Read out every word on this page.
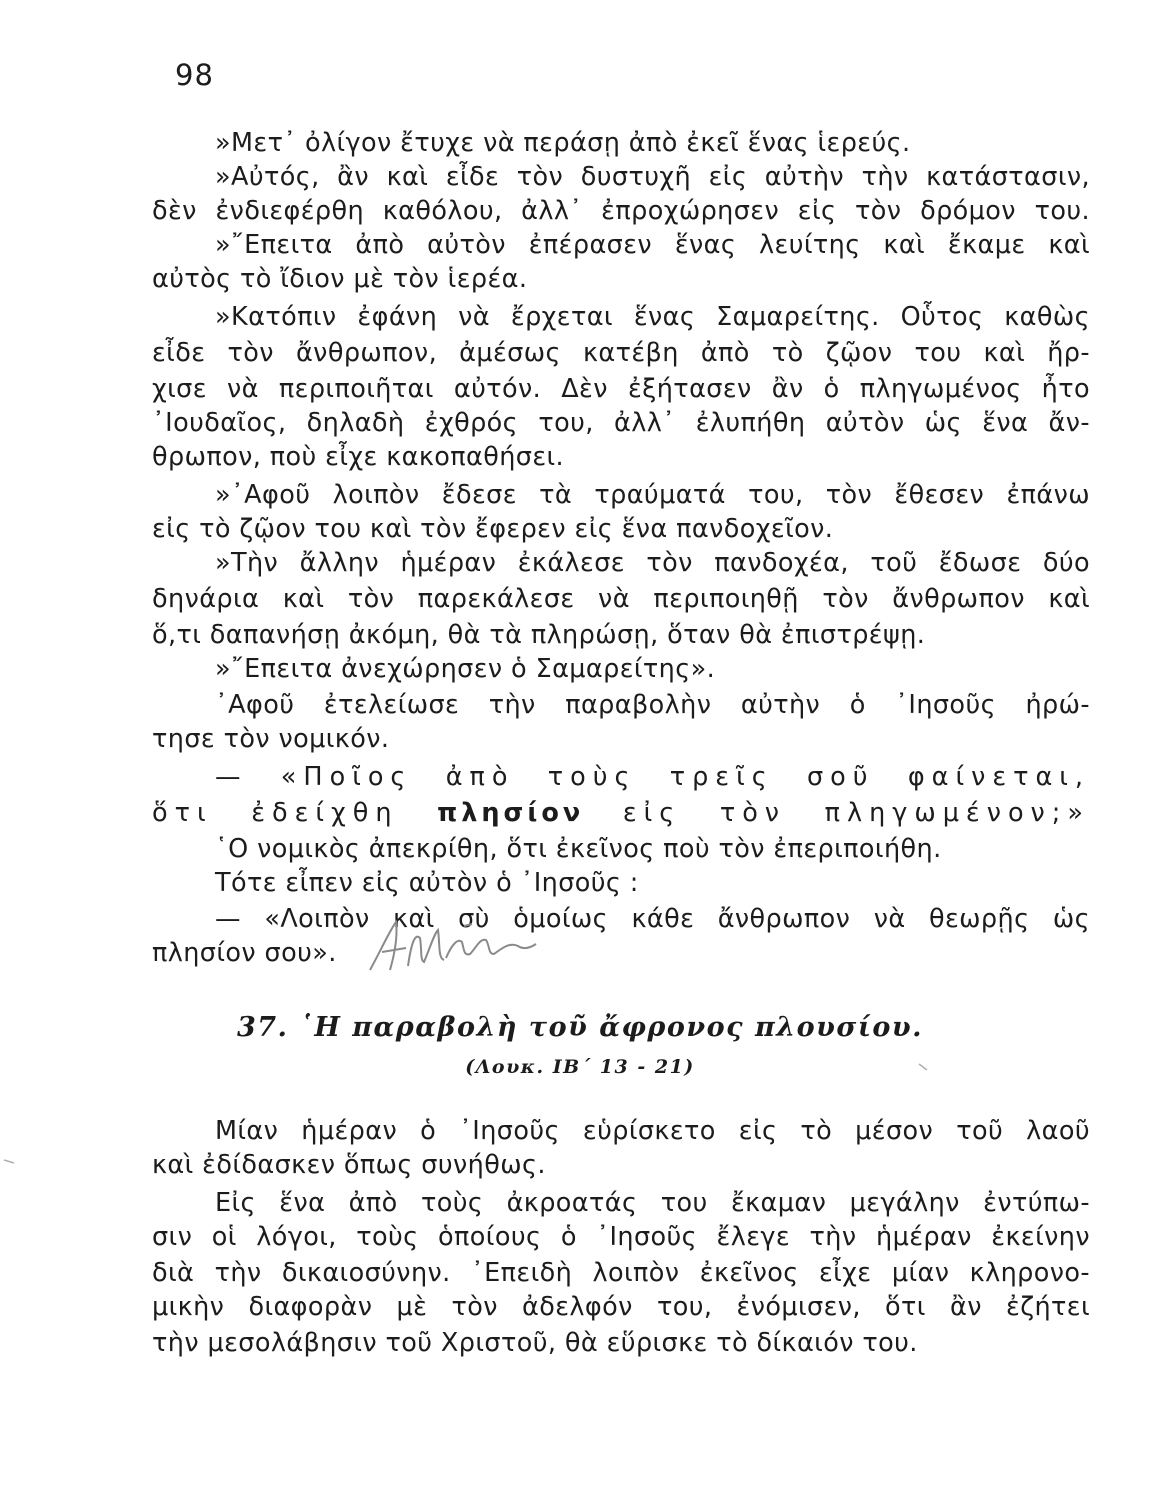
98
»Μετ᾽ ὀλίγον ἔτυχε νὰ περάσῃ ἀπὸ ἐκεῖ ἕνας ἱερεύς.
»Αὐτός, ἂν καὶ εἶδε τὸν δυστυχῆ εἰς αὐτὴν τὴν κατάστασιν,
δὲν ἐνδιεφέρθη καθόλου, ἀλλ᾽ ἐπροχώρησεν εἰς τὸν δρόμον του.
»῎Επειτα ἀπὸ αὐτὸν ἐπέρασεν ἕνας λευίτης καὶ ἔκαμε καὶ
αὐτὸς τὸ ἴδιον μὲ τὸν ἱερέα.
»Κατόπιν ἐφάνη νὰ ἔρχεται ἕνας Σαμαρείτης. Οὗτος καθὼς
εἶδε τὸν ἄνθρωπον, ἀμέσως κατέβη ἀπὸ τὸ ζῷον του καὶ ἤρ-
χισε νὰ περιποιῆται αὐτόν. Δὲν ἐξήτασεν ἂν ὁ πληγωμένος ἦτο
᾽Ιουδαῖος, δηλαδὴ ἐχθρός του, ἀλλ᾽ ἐλυπήθη αὐτὸν ὡς ἕνα ἄν-
θρωπον, ποὺ εἶχε κακοπαθήσει.
»᾽Αφοῦ λοιπὸν ἔδεσε τὰ τραύματά του, τὸν ἔθεσεν ἐπάνω
εἰς τὸ ζῷον του καὶ τὸν ἔφερεν εἰς ἕνα πανδοχεῖον.
»Τὴν ἄλλην ἡμέραν ἐκάλεσε τὸν πανδοχέα, τοῦ ἔδωσε δύο
δηνάρια καὶ τὸν παρεκάλεσε νὰ περιποιηθῇ τὸν ἄνθρωπον καὶ
ὅ,τι δαπανήσῃ ἀκόμη, θὰ τὰ πληρώσῃ, ὅταν θὰ ἐπιστρέψῃ.
»῎Επειτα ἀνεχώρησεν ὁ Σαμαρείτης».
᾽Αφοῦ ἐτελείωσε τὴν παραβολὴν αὐτὴν ὁ ᾽Ιησοῦς ἠρώ-
τησε τὸν νομικόν.
— «Ποῖος ἀπὸ τοὺς τρεῖς σοῦ φαίνεται,
ὅτι ἐδείχθη πλησίον εἰς τὸν πληγωμένον;»
῾Ο νομικὸς ἀπεκρίθη, ὅτι ἐκεῖνος ποὺ τὸν ἐπεριποιήθη.
Τότε εἶπεν εἰς αὐτὸν ὁ ᾽Ιησοῦς :
— «Λοιπὸν καὶ σὺ ὁμοίως κάθε ἄνθρωπον νὰ θεωρῇς ὡς
πλησίον σου».
37. ῾Η παραβολὴ τοῦ ἄφρονος πλουσίου.
(Λουκ. ΙΒ΄ 13 - 21)
Μίαν ἡμέραν ὁ ᾽Ιησοῦς εὑρίσκετο εἰς τὸ μέσον τοῦ λαοῦ
καὶ ἐδίδασκεν ὅπως συνήθως.
Εἰς ἕνα ἀπὸ τοὺς ἀκροατάς του ἔκαμαν μεγάλην ἐντύπω-
σιν οἱ λόγοι, τοὺς ὁποίους ὁ ᾽Ιησοῦς ἔλεγε τὴν ἡμέραν ἐκείνην
διὰ τὴν δικαιοσύνην. ᾽Επειδὴ λοιπὸν ἐκεῖνος εἶχε μίαν κληρονο-
μικὴν διαφορὰν μὲ τὸν ἀδελφόν του, ἐνόμισεν, ὅτι ἂν ἐζήτει
τὴν μεσολάβησιν τοῦ Χριστοῦ, θὰ εὕρισκε τὸ δίκαιόν του.
